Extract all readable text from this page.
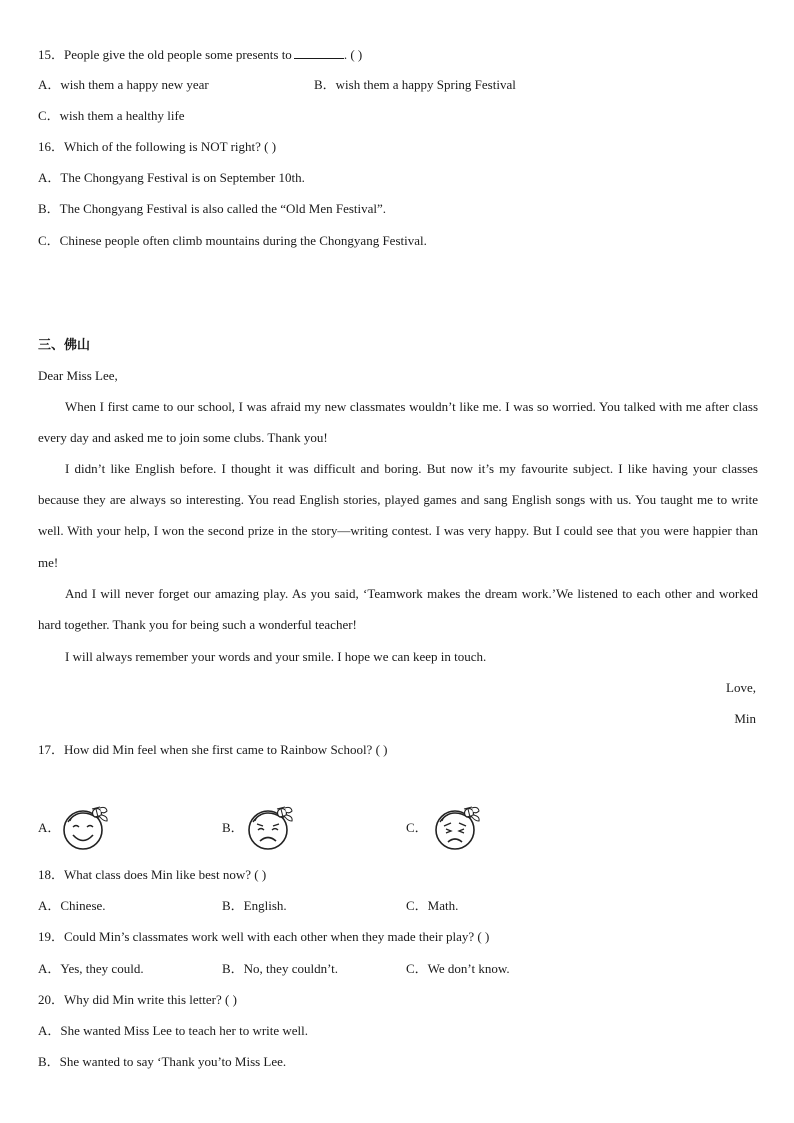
15．People give the old people some presents to	. ( )
A．wish them a happy new year	B．wish them a happy Spring Festival
C．wish them a healthy life
16．Which of the following is NOT right? ( )
A．The Chongyang Festival is on September 10th.
B．The Chongyang Festival is also called the “Old Men Festival”.
C．Chinese people often climb mountains during the Chongyang Festival.
三、佛山
Dear Miss Lee,
When I first came to our school, I was afraid my new classmates wouldn’t like me. I was so worried. You talked with me after class every day and asked me to join some clubs. Thank you!
I didn’t like English before. I thought it was difficult and boring. But now it’s my favourite subject. I like having your classes because they are always so interesting. You read English stories, played games and sang English songs with us. You taught me to write well. With your help, I won the second prize in the story—writing contest. I was very happy. But I could see that you were happier than me!
And I will never forget our amazing play. As you said, ‘Teamwork makes the dream work.’We listened to each other and worked hard together. Thank you for being such a wonderful teacher!
I will always remember your words and your smile. I hope we can keep in touch.
Love,
Min
17．How did Min feel when she first came to Rainbow School? ( )
A．	B．	C．
18．What class does Min like best now? ( )
A．Chinese.	B．English.	C．Math.
19．Could Min’s classmates work well with each other when they made their play? ( )
A．Yes, they could.	B．No, they couldn’t.	C．We don’t know.
20．Why did Min write this letter? ( )
A．She wanted Miss Lee to teach her to write well.
B．She wanted to say ‘Thank you’to Miss Lee.
